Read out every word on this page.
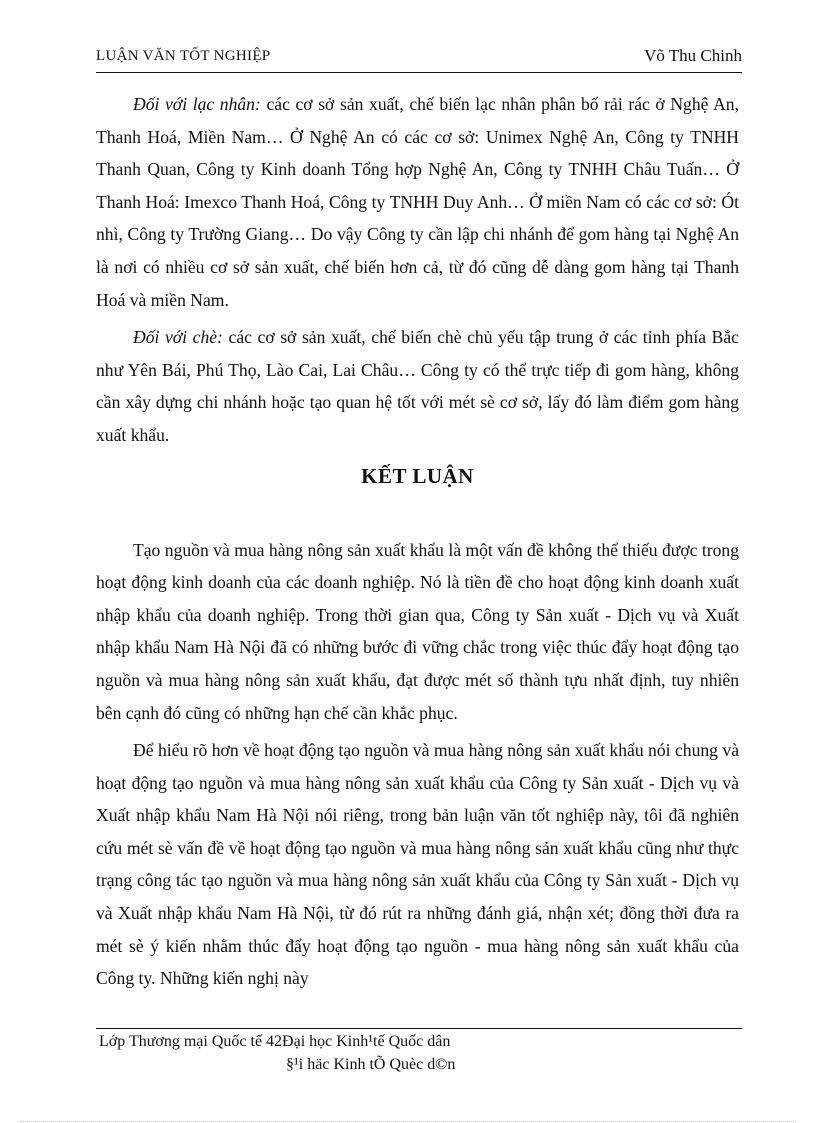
LUẬN VĂN TỐT NGHIỆP	Võ Thu Chinh

Đối với lạc nhân: các cơ sở sản xuất, chế biến lạc nhân phân bố rải rác ở Nghệ An, Thanh Hoá, Miền Nam… Ở Nghệ An có các cơ sở: Unimex Nghệ An, Công ty TNHH Thanh Quan, Công ty Kinh doanh Tổng hợp Nghệ An, Công ty TNHH Châu Tuấn… Ở Thanh Hoá: Imexco Thanh Hoá, Công ty TNHH Duy Anh… Ở miền Nam có các cơ sở: Ót nhì, Công ty Trường Giang… Do vậy Công ty cần lập chi nhánh để gom hàng tại Nghệ An là nơi có nhiều cơ sở sản xuất, chế biến hơn cả, từ đó cũng dễ dàng gom hàng tại Thanh Hoá và miền Nam.

Đối với chè: các cơ sở sản xuất, chế biến chè chủ yếu tập trung ở các tỉnh phía Bắc như Yên Bái, Phú Thọ, Lào Cai, Lai Châu… Công ty có thể trực tiếp đi gom hàng, không cần xây dựng chi nhánh hoặc tạo quan hệ tốt với mét sè cơ sở, lấy đó làm điểm gom hàng xuất khẩu.

KẾT LUẬN

Tạo nguồn và mua hàng nông sản xuất khẩu là một vấn đề không thể thiếu được trong hoạt động kinh doanh của các doanh nghiệp. Nó là tiền đề cho hoạt động kinh doanh xuất nhập khẩu của doanh nghiệp. Trong thời gian qua, Công ty Sản xuất - Dịch vụ và Xuất nhập khẩu Nam Hà Nội đã có những bước đi vững chắc trong việc thúc đẩy hoạt động tạo nguồn và mua hàng nông sản xuất khẩu, đạt được mét số thành tựu nhất định, tuy nhiên bên cạnh đó cũng có những hạn chế cần khắc phục.

Để hiểu rõ hơn về hoạt động tạo nguồn và mua hàng nông sản xuất khẩu nói chung và hoạt động tạo nguồn và mua hàng nông sản xuất khẩu của Công ty Sản xuất - Dịch vụ và Xuất nhập khẩu Nam Hà Nội nói riêng, trong bản luận văn tốt nghiệp này, tôi đã nghiên cứu mét sè vấn đề về hoạt động tạo nguồn và mua hàng nông sản xuất khẩu cũng như thực trạng công tác tạo nguồn và mua hàng nông sản xuất khẩu của Công ty Sản xuất - Dịch vụ và Xuất nhập khẩu Nam Hà Nội, từ đó rút ra những đánh giá, nhận xét; đồng thời đưa ra mét sè ý kiến nhằm thúc đẩy hoạt động tạo nguồn - mua hàng nông sản xuất khẩu của Công ty. Những kiến nghị này

Lớp Thương mại Quốc tế 42Đại học Kinh¹tế Quốc dân
§¹i häc Kinh tÕ Quèc d©n
